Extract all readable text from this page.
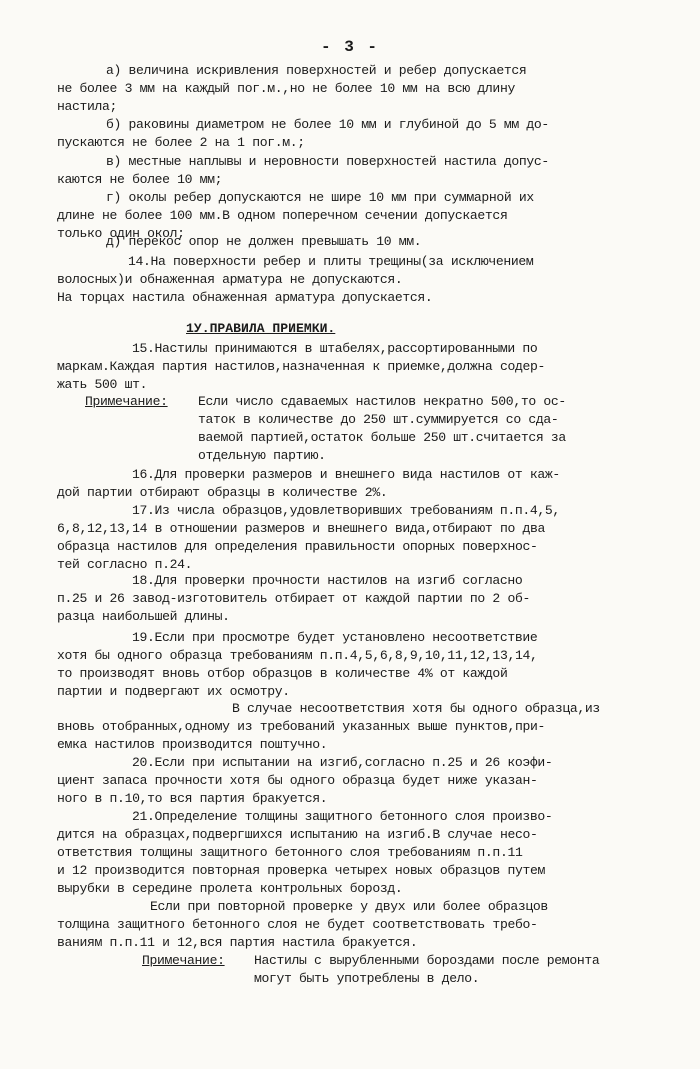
- 3 -
а) величина искривления поверхностей и ребер допускается
не более 3 мм на каждый пог.м.,но не более 10 мм на всю длину
настила;
б) раковины диаметром не более 10 мм и глубиной до 5 мм до-
пускаются не более 2 на 1 пог.м.;
в) местные наплывы и неровности поверхностей настила допус-
каются не более 10 мм;
г) околы ребер допускаются не шире 10 мм при суммарной их
длине не более 100 мм.В одном поперечном сечении допускается
только один окол;
д) перекос опор не должен превышать 10 мм.
14.На поверхности ребер и плиты трещины(за исключением
волосных)и обнаженная арматура не допускаются.
На торцах настила обнаженная арматура допускается.
1У.ПРАВИЛА ПРИЕМКИ.
15.Настилы принимаются в штабелях,рассортированными по
маркам.Каждая партия настилов,назначенная к приемке,должна содер-
жать 500 шт.
Примечание:	Если число сдаваемых настилов некратно 500,то ос-
таток в количестве до 250 шт.суммируется со сда-
ваемой партией,остаток больше 250 шт.считается за
отдельную партию.
16.Для проверки размеров и внешнего вида настилов от каж-
дой партии отбирают образцы в количестве 2%.
17.Из числа образцов,удовлетворивших требованиям п.п.4,5,
6,8,12,13,14 в отношении размеров и внешнего вида,отбирают по два
образца настилов для определения правильности опорных поверхнос-
тей согласно п.24.
18.Для проверки прочности настилов на изгиб согласно
п.25 и 26 завод-изготовитель отбирает от каждой партии по 2 об-
разца наибольшей длины.
19.Если при просмотре будет установлено несоответствие
хотя бы одного образца требованиям п.п.4,5,6,8,9,10,11,12,13,14,
то производят вновь отбор образцов в количестве 4% от каждой
партии и подвергают их осмотру.
В случае несоответствия хотя бы одного образца,из
вновь отобранных,одному из требований указанных выше пунктов,при-
емка настилов производится поштучно.
20.Если при испытании на изгиб,согласно п.25 и 26 коэфи-
циент запаса прочности хотя бы одного образца будет ниже указан-
ного в п.10,то вся партия бракуется.
21.Определение толщины защитного бетонного слоя произво-
дится на образцах,подвергшихся испытанию на изгиб.В случае несо-
ответствия толщины защитного бетонного слоя требованиям п.п.11
и 12 производится повторная проверка четырех новых образцов путем
вырубки в середине пролета контрольных борозд.
Если при повторной проверке у двух или более образцов
толщина защитного бетонного слоя не будет соответствовать требо-
ваниям п.п.11 и 12,вся партия настила бракуется.
Примечание:	Настилы с вырубленными бороздами после ремонта
могут быть употреблены в дело.
